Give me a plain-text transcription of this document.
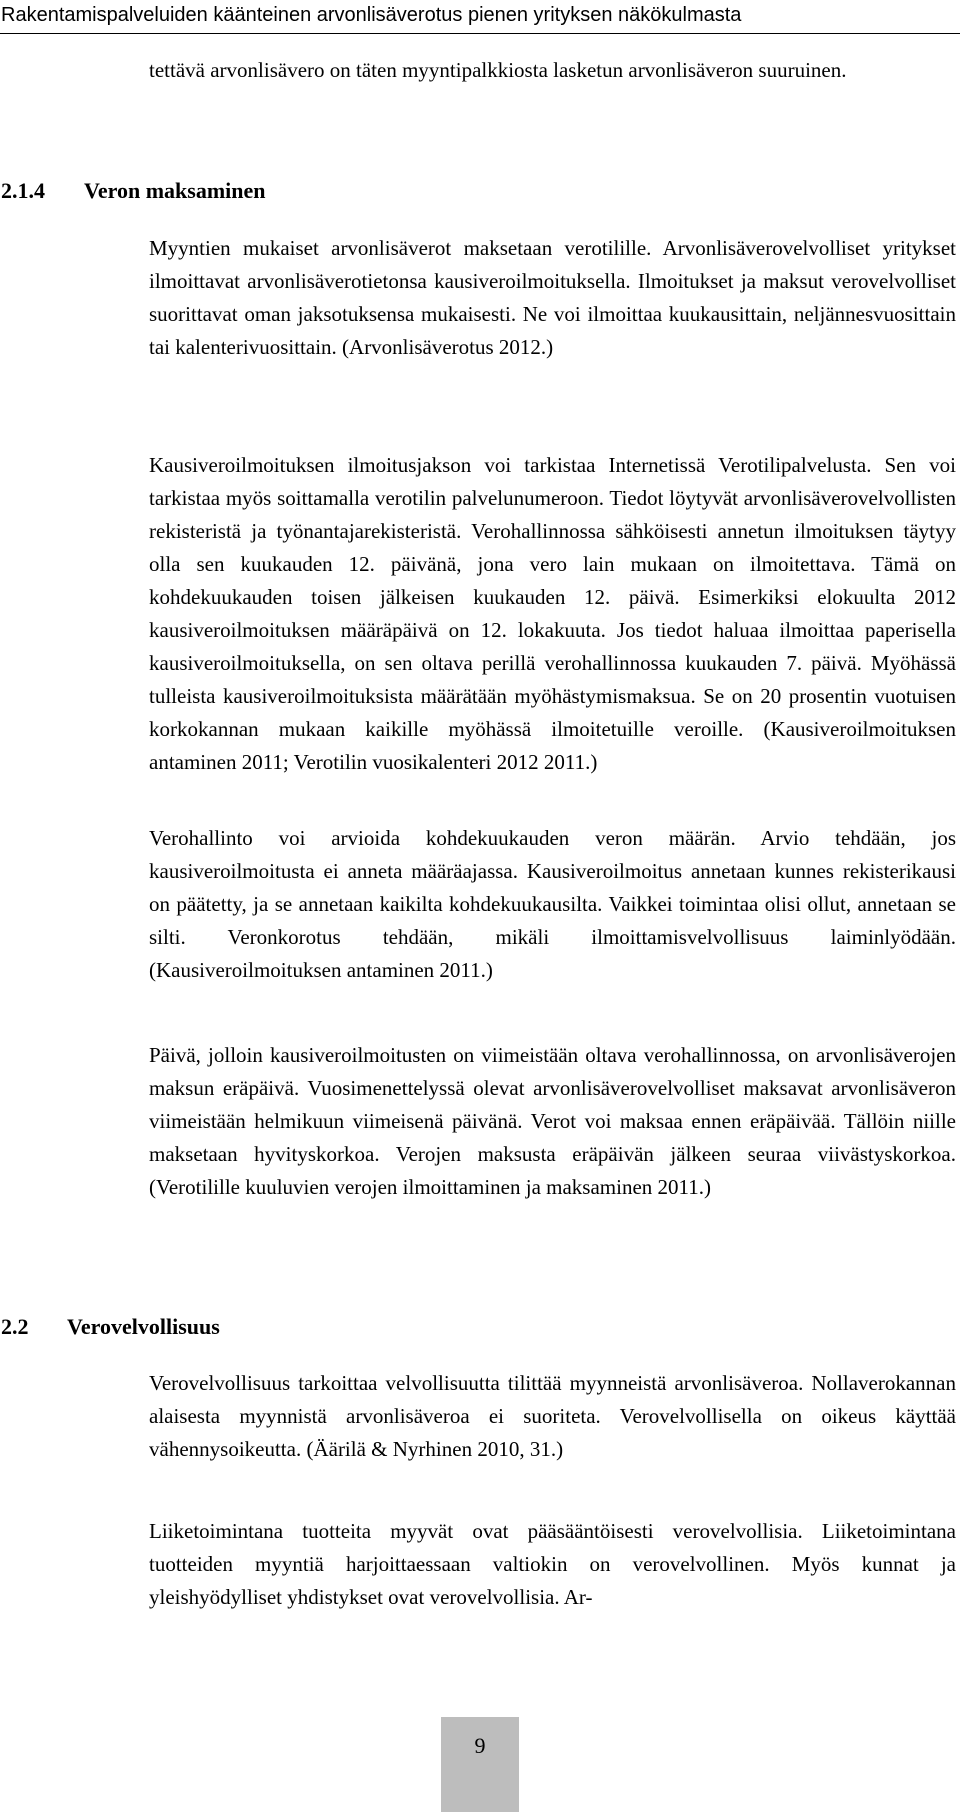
Rakentamispalveluiden käänteinen arvonlisäverotus pienen yrityksen näkökulmasta

tettävä arvonlisävero on täten myyntipalkkiosta lasketun arvonlisäveron suuruinen.

2.1.4 Veron maksaminen

Myyntien mukaiset arvonlisäverot maksetaan verotilille. Arvonlisäverovelvolliset yritykset ilmoittavat arvonlisäverotietonsa kausiveroilmoituksella. Ilmoitukset ja maksut verovelvolliset suorittavat oman jaksotuksensa mukaisesti. Ne voi ilmoittaa kuukausittain, neljännesvuosittain tai kalenterivuosittain. (Arvonlisäverotus 2012.)

Kausiveroilmoituksen ilmoitusjakson voi tarkistaa Internetissä Verotilipalvelusta. Sen voi tarkistaa myös soittamalla verotilin palvelunumeroon. Tiedot löytyvät arvonlisäverovelvollisten rekisteristä ja työnantajarekisteristä. Verohallinnossa sähköisesti annetun ilmoituksen täytyy olla sen kuukauden 12. päivänä, jona vero lain mukaan on ilmoitettava. Tämä on kohdekuukauden toisen jälkeisen kuukauden 12. päivä. Esimerkiksi elokuulta 2012 kausiveroilmoituksen määräpäivä on 12. lokakuuta. Jos tiedot haluaa ilmoittaa paperisella kausiveroilmoituksella, on sen oltava perillä verohallinnossa kuukauden 7. päivä. Myöhässä tulleista kausiveroilmoituksista määrätään myöhästymismaksua. Se on 20 prosentin vuotuisen korkokannan mukaan kaikille myöhässä ilmoitetuille veroille. (Kausiveroilmoituksen antaminen 2011; Verotilin vuosikalenteri 2012 2011.)

Verohallinto voi arvioida kohdekuukauden veron määrän. Arvio tehdään, jos kausiveroilmoitusta ei anneta määräajassa. Kausiveroilmoitus annetaan kunnes rekisterikausi on päätetty, ja se annetaan kaikilta kohdekuukausilta. Vaikkei toimintaa olisi ollut, annetaan se silti. Veronkorotus tehdään, mikäli ilmoittamisvelvollisuus laiminlyödään. (Kausiveroilmoituksen antaminen 2011.)

Päivä, jolloin kausiveroilmoitusten on viimeistään oltava verohallinnossa, on arvonlisäverojen maksun eräpäivä. Vuosimenettelyssä olevat arvonlisäverovelvolliset maksavat arvonlisäveron viimeistään helmikuun viimeisenä päivänä. Verot voi maksaa ennen eräpäivää. Tällöin niille maksetaan hyvityskorkoa. Verojen maksusta eräpäivän jälkeen seuraa viivästyskorkoa. (Verotilille kuuluvien verojen ilmoittaminen ja maksaminen 2011.)

2.2 Verovelvollisuus

Verovelvollisuus tarkoittaa velvollisuutta tilittää myynneistä arvonlisäveroa. Nollaverokannan alaisesta myynnistä arvonlisäveroa ei suoriteta. Verovelvollisella on oikeus käyttää vähennysoikeutta. (Äärilä & Nyrhinen 2010, 31.)

Liiketoimintana tuotteita myyvät ovat pääsääntöisesti verovelvollisia. Liiketoimintana tuotteiden myyntiä harjoittaessaan valtiokin on verovelvollinen. Myös kunnat ja yleishyödylliset yhdistykset ovat verovelvollisia. Ar-

9
